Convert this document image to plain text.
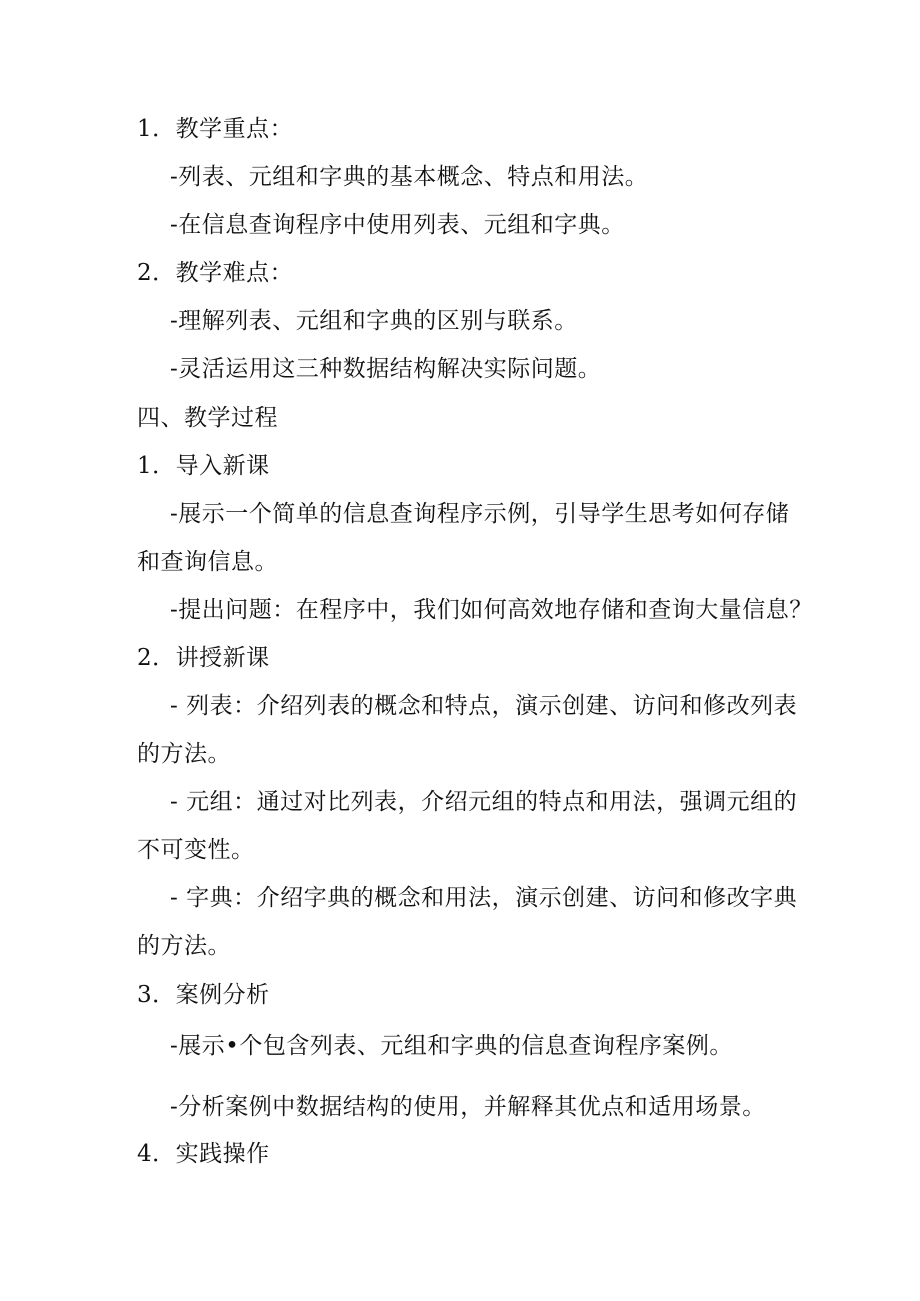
1．教学重点：
-列表、元组和字典的基本概念、特点和用法。
-在信息查询程序中使用列表、元组和字典。
2．教学难点：
-理解列表、元组和字典的区别与联系。
-灵活运用这三种数据结构解决实际问题。
四、教学过程
1．导入新课
-展示一个简单的信息查询程序示例，引导学生思考如何存储
和查询信息。
-提出问题：在程序中，我们如何高效地存储和查询大量信息？
2．讲授新课
- 列表：介绍列表的概念和特点，演示创建、访问和修改列表
的方法。
- 元组：通过对比列表，介绍元组的特点和用法，强调元组的
不可变性。
- 字典：介绍字典的概念和用法，演示创建、访问和修改字典
的方法。
3．案例分析
-展示•个包含列表、元组和字典的信息查询程序案例。
-分析案例中数据结构的使用，并解释其优点和适用场景。
4．实践操作
